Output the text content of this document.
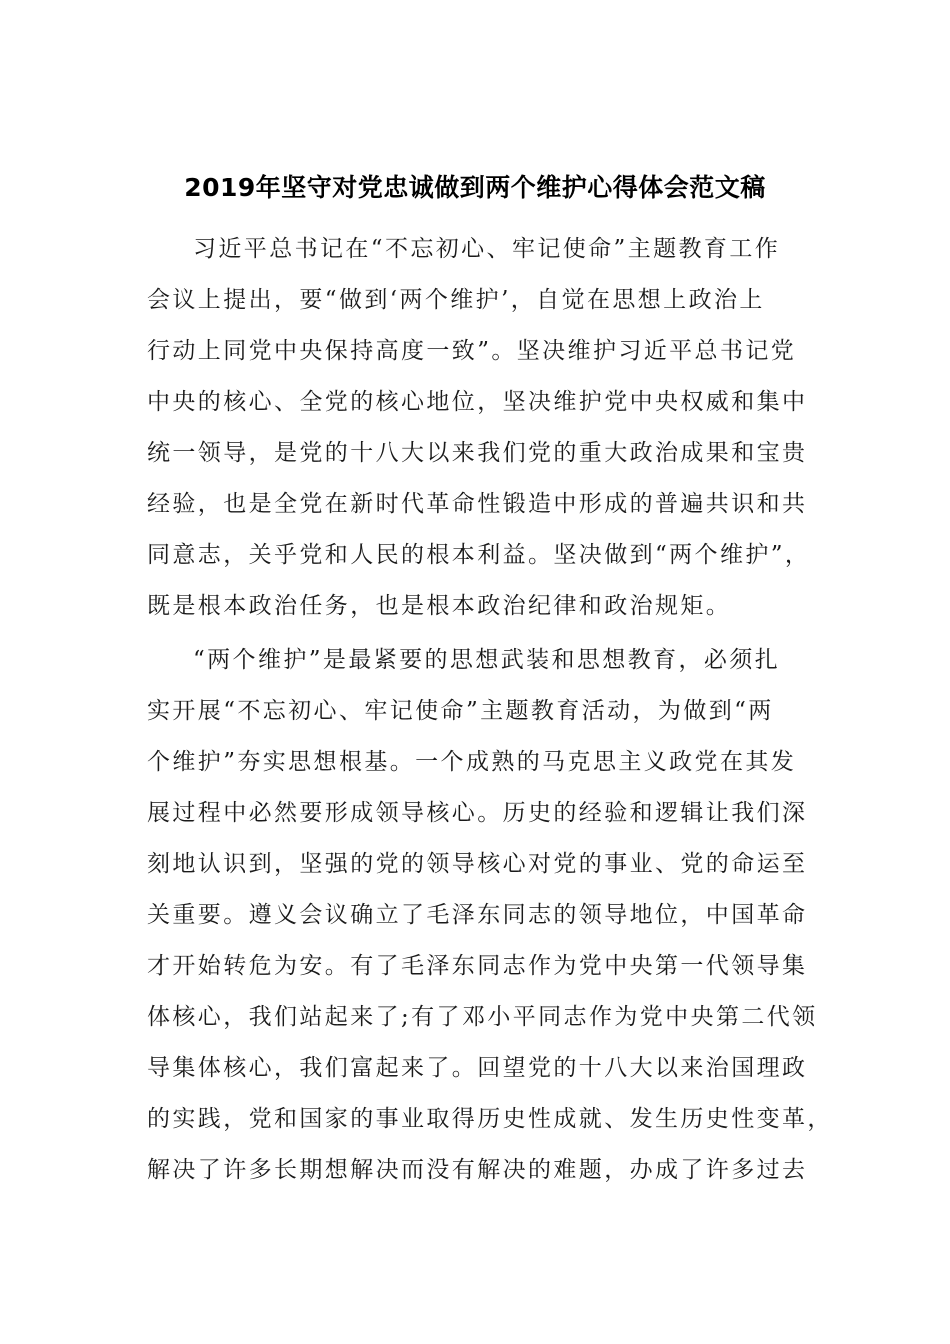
2019年坚守对党忠诚做到两个维护心得体会范文稿
习近平总书记在“不忘初心、牢记使命”主题教育工作
会议上提出，要“做到‘两个维护’，自觉在思想上政治上
行动上同党中央保持高度一致”。坚决维护习近平总书记党
中央的核心、全党的核心地位，坚决维护党中央权威和集中
统一领导，是党的十八大以来我们党的重大政治成果和宝贵
经验，也是全党在新时代革命性锻造中形成的普遍共识和共
同意志，关乎党和人民的根本利益。坚决做到“两个维护”，
既是根本政治任务，也是根本政治纪律和政治规矩。
“两个维护”是最紧要的思想武装和思想教育，必须扎
实开展“不忘初心、牢记使命”主题教育活动，为做到“两
个维护”夯实思想根基。一个成熟的马克思主义政党在其发
展过程中必然要形成领导核心。历史的经验和逻辑让我们深
刻地认识到，坚强的党的领导核心对党的事业、党的命运至
关重要。遵义会议确立了毛泽东同志的领导地位，中国革命
才开始转危为安。有了毛泽东同志作为党中央第一代领导集
体核心，我们站起来了;有了邓小平同志作为党中央第二代领
导集体核心，我们富起来了。回望党的十八大以来治国理政
的实践，党和国家的事业取得历史性成就、发生历史性变革，
解决了许多长期想解决而没有解决的难题，办成了许多过去
